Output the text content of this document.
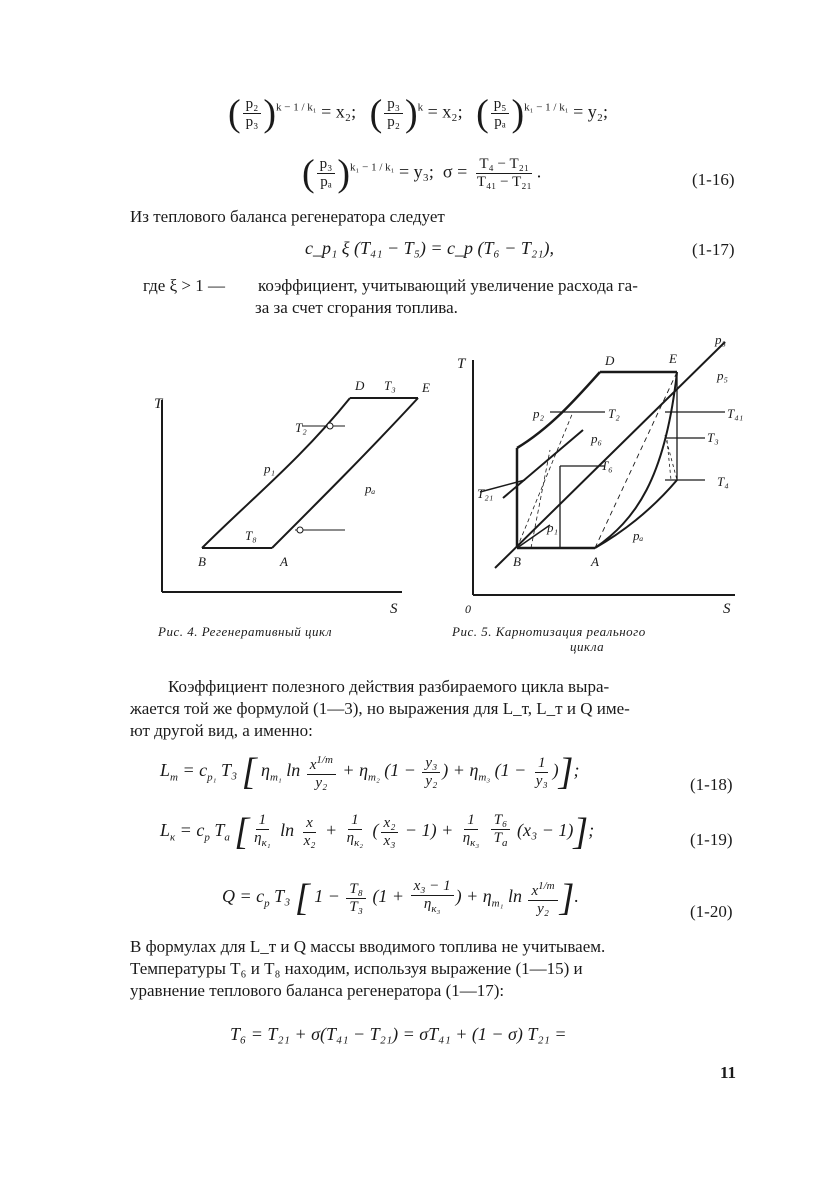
( $\frac{\text{p₂}}{\text{p₃}} )^{k - 1 / k_1} = x_2$;   ( $\frac{\text{p₃}}{\text{p₂}} )^k = x_2$;   ( $\frac{\text{p₅}}{\text{pₐ}} )^{k_1 - 1 / k_1} = y_2$;
( $\frac{\text{p₃}}{\text{pₐ}} )^{k_1 - 1 / k_1} = y_3$;  $\sigma = \frac{\text{T₄ − T₂₁}}{\text{T₄₁ − T₂₁}}$ .	(1-16)
Из теплового баланса регенератора следует
c_p₁ ξ (T₄₁ − T₅) = c_p (T₆ − T₂₁),	(1-17)
где ξ > 1 — коэффициент, учитывающий увеличение расхода га-
за за счет сгорания топлива.
T
S
D T₃ E
T₂
p₁
pₐ
T₈
B	A
Рис. 4. Регенеративный цикл
T
S
0
D	E
p₃
p₅
T₄₁
p₂	T₂
p₆
T₆
T₃
T₄
T₂₁
p₁
B	A
pₐ
Рис. 5. Карнотизация реального
цикла
Коэффициент полезного действия разбираемого цикла выра-
жается той же формулой (1—3), но выражения для L_т, L_т и Q име-
ют другой вид, а именно:
$L_т = c_{p_1}$ T₃ [ $\eta_{т_1}$ $\ln \frac{x^{1/m}}{\text{y₂}} + \eta_{т_2}$ ($1 - \frac{\text{y₃}}{\text{y₂}}$ ) + $\eta_{т_3}$ ($1 - \frac{1}{\text{y₃}}$ )];
(1-18)
$L_к = c_p$ $T_a$ [ $\frac{1}{\eta_{к_1}}$ $\ln \frac{x}{\text{x₂}} + \frac{1}{\eta_{к_2}}$ ( $\frac{\text{x₂}}{\text{x₃}} - 1) + \frac{1}{\eta_{к_3}}$
$\frac{\text{T₆}}{T_a} (x_3 - 1)$];	(1-19)
$Q = c_p$ T₃ [ $1 - \frac{\text{T₈}}{\text{T₃}} (1 + \frac{\text{x₃ − 1}}{\eta_{к_3}}$ ) + $\eta_{т_1}$ $\ln \frac{x^{1/m}}{\text{y₂}}$ ].
(1-20)
В формулах для L_т и Q массы вводимого топлива не учитываем.
Температуры T₆ и T₈ находим, используя выражение (1—15) и
уравнение теплового баланса регенератора (1—17):
T₆ = T₂₁ + σ(T₄₁ − T₂₁) = σT₄₁ + (1 − σ) T₂₁ =
11
